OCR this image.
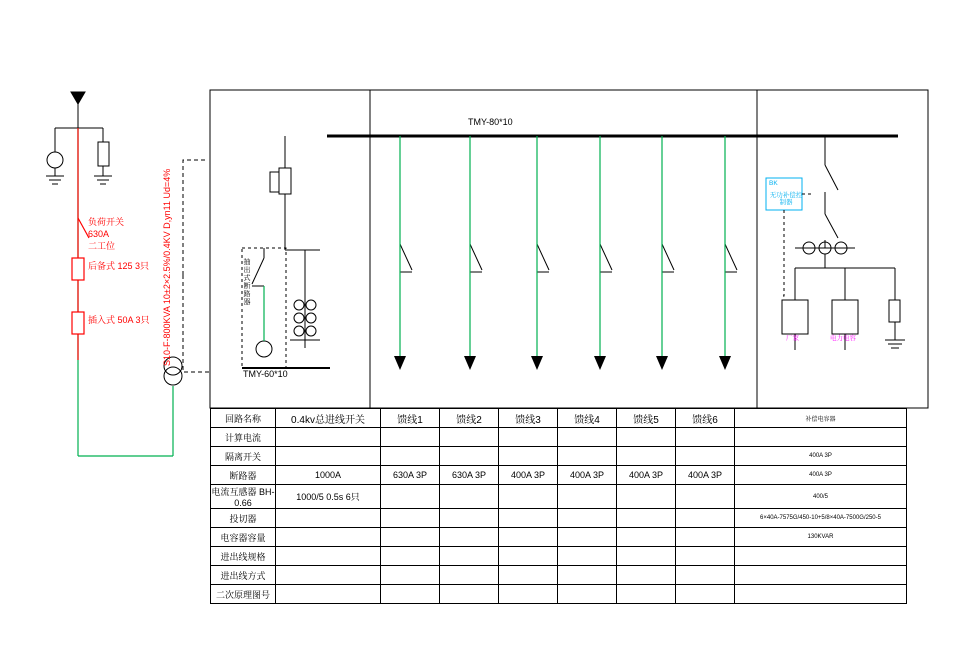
TMY-80*10
TMY-60*10
抽出式断路器
负荷开关
630A
二工位
后备式 125 3只
插入式 50A 3只 S10-F-800KVA 10±2×2.5%/0.4KV D,yn11 Ud=4%	BK
无功补偿控制器
厂家	电力电容
回路名称	0.4kv总进线开关	馈线1	馈线2	馈线3	馈线4	馈线5	馈线6	补偿电容器
计算电流								
隔离开关								400A 3P
断路器	1000A	630A 3P	630A 3P	400A 3P	400A 3P	400A 3P	400A 3P	400A 3P
电流互感器 BH-0.66	1000/5 0.5s 6只							400/5
投切器								6×40A-7575G/450-10+5/8×40A-7500G/250-5
电容器容量								130KVAR
进出线规格								
进出线方式								
二次原理图号								
